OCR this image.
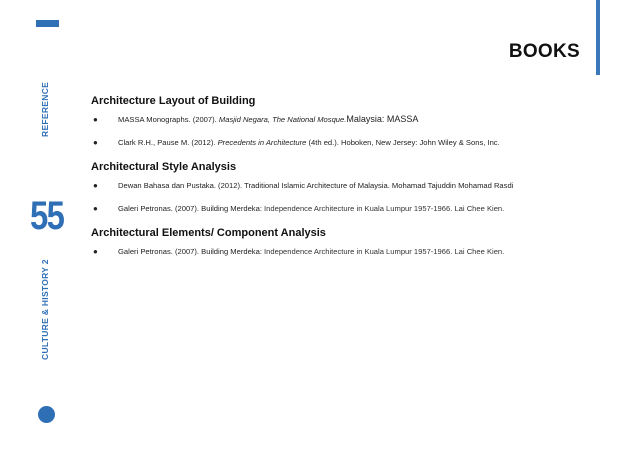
BOOKS
REFERENCE
55
CULTURE & HISTORY 2
Architecture Layout of Building
●	MASSA Monographs. (2007). Masjid Negara, The National Mosque.Malaysia: MASSA
●	Clark R.H., Pause M. (2012). Precedents in Architecture (4th ed.). Hoboken, New Jersey: John Wiley & Sons, Inc.
Architectural Style Analysis
●	Dewan Bahasa dan Pustaka. (2012). Traditional Islamic Architecture of Malaysia. Mohamad Tajuddin Mohamad Rasdi
●	Galeri Petronas. (2007). Building Merdeka: Independence Architecture in Kuala Lumpur 1957-1966. Lai Chee Kien.
Architectural Elements/ Component Analysis
●	Galeri Petronas. (2007). Building Merdeka: Independence Architecture in Kuala Lumpur 1957-1966. Lai Chee Kien.
